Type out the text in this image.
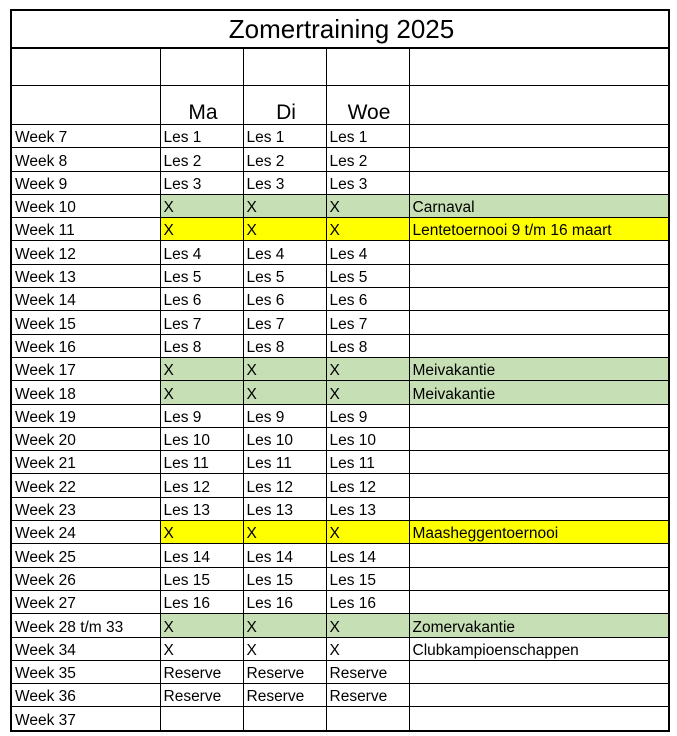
Zomertraining 2025				

	Ma	Di	Woe	
Week 7	Les 1	Les 1	Les 1	
Week 8	Les 2	Les 2	Les 2	
Week 9	Les 3	Les 3	Les 3	
Week 10	X	X	X	Carnaval
Week 11	X	X	X	Lentetoernooi 9 t/m 16 maart
Week 12	Les 4	Les 4	Les 4	
Week 13	Les 5	Les 5	Les 5	
Week 14	Les 6	Les 6	Les 6	
Week 15	Les 7	Les 7	Les 7	
Week 16	Les 8	Les 8	Les 8	
Week 17	X	X	X	Meivakantie
Week 18	X	X	X	Meivakantie
Week 19	Les 9	Les 9	Les 9	
Week 20	Les 10	Les 10	Les 10	
Week 21	Les 11	Les 11	Les 11	
Week 22	Les 12	Les 12	Les 12	
Week 23	Les 13	Les 13	Les 13	
Week 24	X	X	X	Maasheggentoernooi
Week 25	Les 14	Les 14	Les 14	
Week 26	Les 15	Les 15	Les 15	
Week 27	Les 16	Les 16	Les 16	
Week 28 t/m 33	X	X	X	Zomervakantie
Week 34	X	X	X	Clubkampioenschappen
Week 35	Reserve	Reserve	Reserve	
Week 36	Reserve	Reserve	Reserve	
Week 37				
